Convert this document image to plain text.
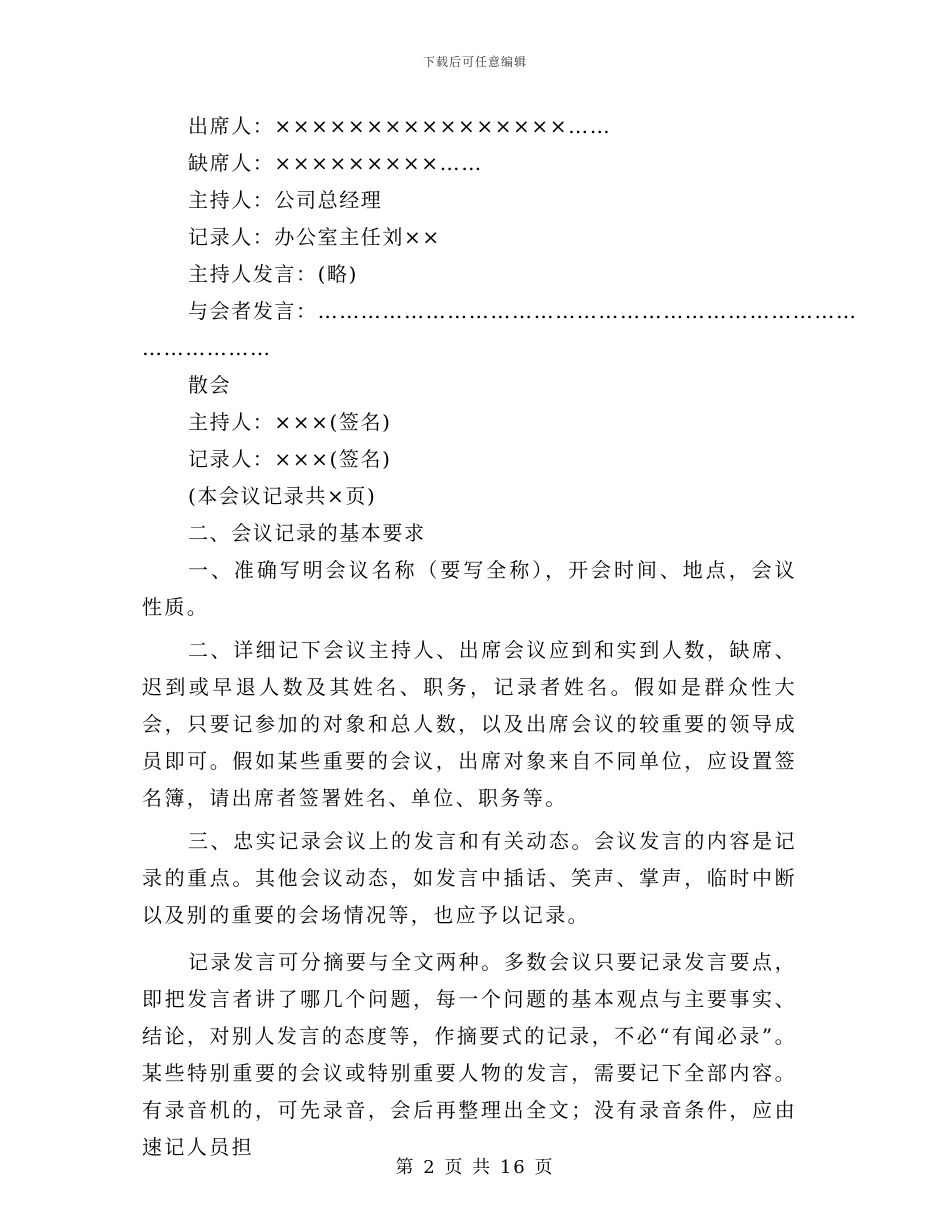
下载后可任意编辑
出席人：××××××××××××××××……
缺席人：×××××××××……
主持人：公司总经理
记录人：办公室主任刘××
主持人发言：(略)
与会者发言：…………………………………………………………………
………………
散会
主持人：×××(签名)
记录人：×××(签名)
(本会议记录共×页)
二、会议记录的基本要求
一、准确写明会议名称（要写全称），开会时间、地点，会议性质。
二、详细记下会议主持人、出席会议应到和实到人数，缺席、迟到或早退人数及其姓名、职务，记录者姓名。假如是群众性大会，只要记参加的对象和总人数，以及出席会议的较重要的领导成员即可。假如某些重要的会议，出席对象来自不同单位，应设置签名簿，请出席者签署姓名、单位、职务等。
三、忠实记录会议上的发言和有关动态。会议发言的内容是记录的重点。其他会议动态，如发言中插话、笑声、掌声，临时中断以及别的重要的会场情况等，也应予以记录。
记录发言可分摘要与全文两种。多数会议只要记录发言要点，即把发言者讲了哪几个问题，每一个问题的基本观点与主要事实、结论，对别人发言的态度等，作摘要式的记录，不必“有闻必录”。某些特别重要的会议或特别重要人物的发言，需要记下全部内容。有录音机的，可先录音，会后再整理出全文；没有录音条件，应由速记人员担
第 2 页 共 16 页
